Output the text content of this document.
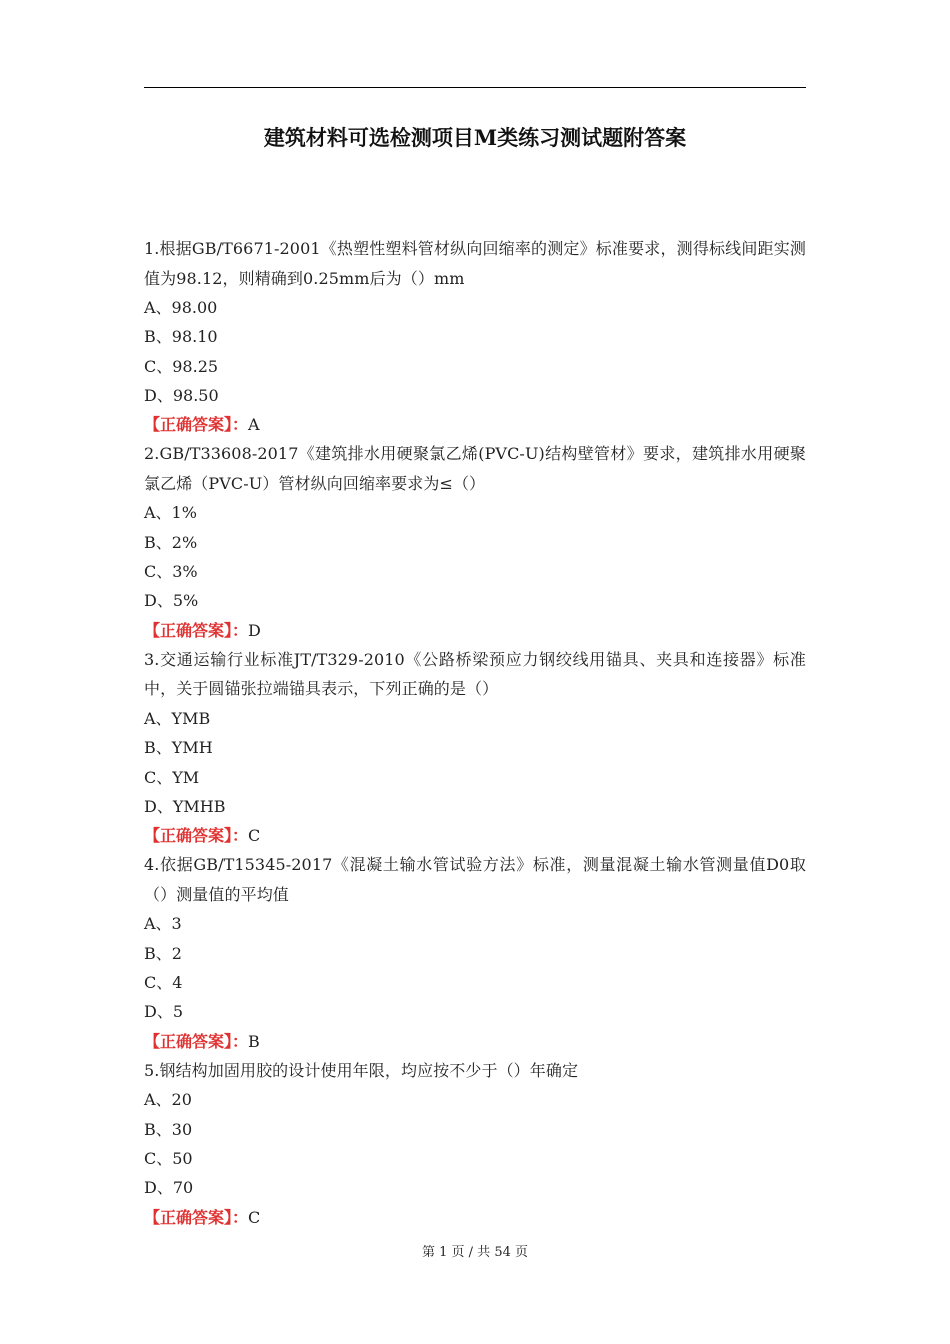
建筑材料可选检测项目M类练习测试题附答案
1.根据GB/T6671-2001《热塑性塑料管材纵向回缩率的测定》标准要求，测得标线间距实测值为98.12，则精确到0.25mm后为（）mm
A、98.00
B、98.10
C、98.25
D、98.50
【正确答案】：A
2.GB/T33608-2017《建筑排水用硬聚氯乙烯(PVC-U)结构壁管材》要求，建筑排水用硬聚氯乙烯（PVC-U）管材纵向回缩率要求为≤（）
A、1%
B、2%
C、3%
D、5%
【正确答案】：D
3.交通运输行业标准JT/T329-2010《公路桥梁预应力钢绞线用锚具、夹具和连接器》标准中，关于圆锚张拉端锚具表示，下列正确的是（）
A、YMB
B、YMH
C、YM
D、YMHB
【正确答案】：C
4.依据GB/T15345-2017《混凝土输水管试验方法》标准，测量混凝土输水管测量值D0取（）测量值的平均值
A、3
B、2
C、4
D、5
【正确答案】：B
5.钢结构加固用胶的设计使用年限，均应按不少于（）年确定
A、20
B、30
C、50
D、70
【正确答案】：C
第 1 页 / 共 54 页
